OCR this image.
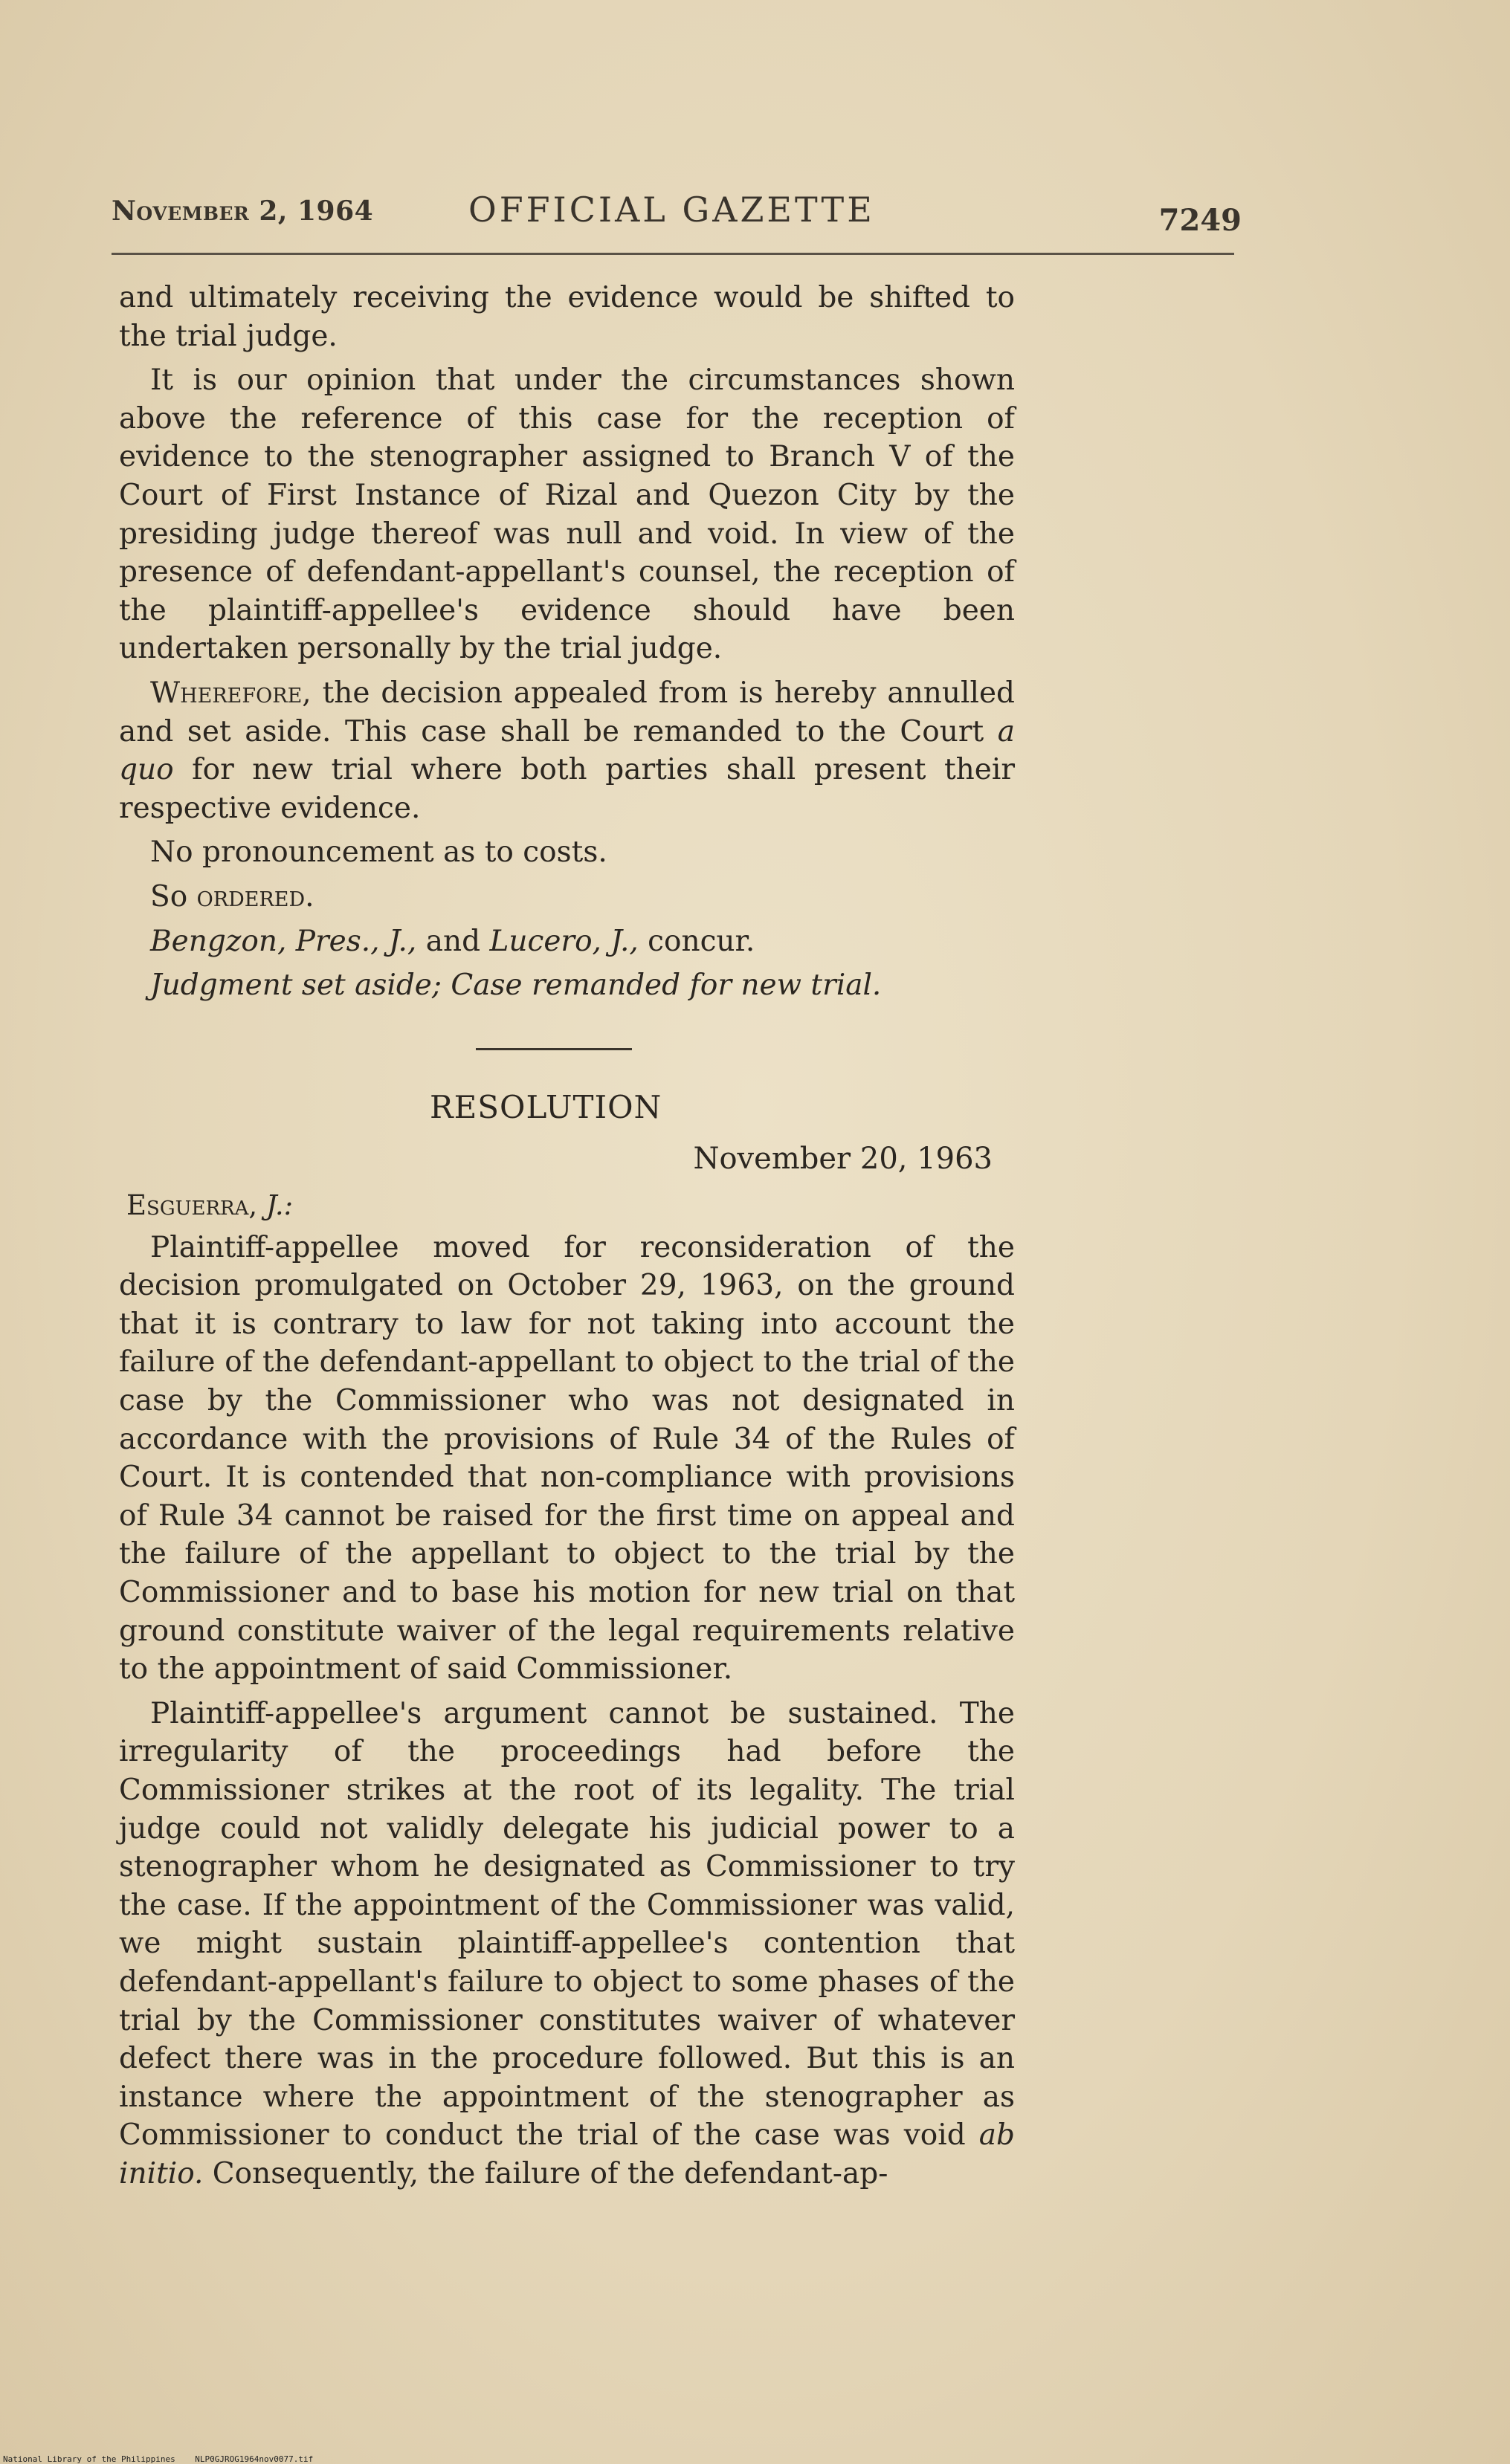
November 2, 1964	OFFICIAL GAZETTE	7249

and ultimately receiving the evidence would be shifted to the trial judge.

It is our opinion that under the circumstances shown above the reference of this case for the reception of evidence to the stenographer assigned to Branch V of the Court of First Instance of Rizal and Quezon City by the presiding judge thereof was null and void. In view of the presence of defendant-appellant's counsel, the reception of the plaintiff-appellee's evidence should have been undertaken personally by the trial judge.

Wherefore, the decision appealed from is hereby annulled and set aside. This case shall be remanded to the Court a quo for new trial where both parties shall present their respective evidence.

No pronouncement as to costs.

So ordered.

Bengzon, Pres., J., and Lucero, J., concur.

Judgment set aside; Case remanded for new trial.

RESOLUTION
November 20, 1963
Esguerra, J.:

Plaintiff-appellee moved for reconsideration of the decision promulgated on October 29, 1963, on the ground that it is contrary to law for not taking into account the failure of the defendant-appellant to object to the trial of the case by the Commissioner who was not designated in accordance with the provisions of Rule 34 of the Rules of Court. It is contended that non-compliance with provisions of Rule 34 cannot be raised for the first time on appeal and the failure of the appellant to object to the trial by the Commissioner and to base his motion for new trial on that ground constitute waiver of the legal requirements relative to the appointment of said Commissioner.

Plaintiff-appellee's argument cannot be sustained. The irregularity of the proceedings had before the Commissioner strikes at the root of its legality. The trial judge could not validly delegate his judicial power to a stenographer whom he designated as Commissioner to try the case. If the appointment of the Commissioner was valid, we might sustain plaintiff-appellee's contention that defendant-appellant's failure to object to some phases of the trial by the Commissioner constitutes waiver of whatever defect there was in the procedure followed. But this is an instance where the appointment of the stenographer as Commissioner to conduct the trial of the case was void ab initio. Consequently, the failure of the defendant-ap-

National Library of the Philippines    NLP0GJROG1964nov0077.tif
